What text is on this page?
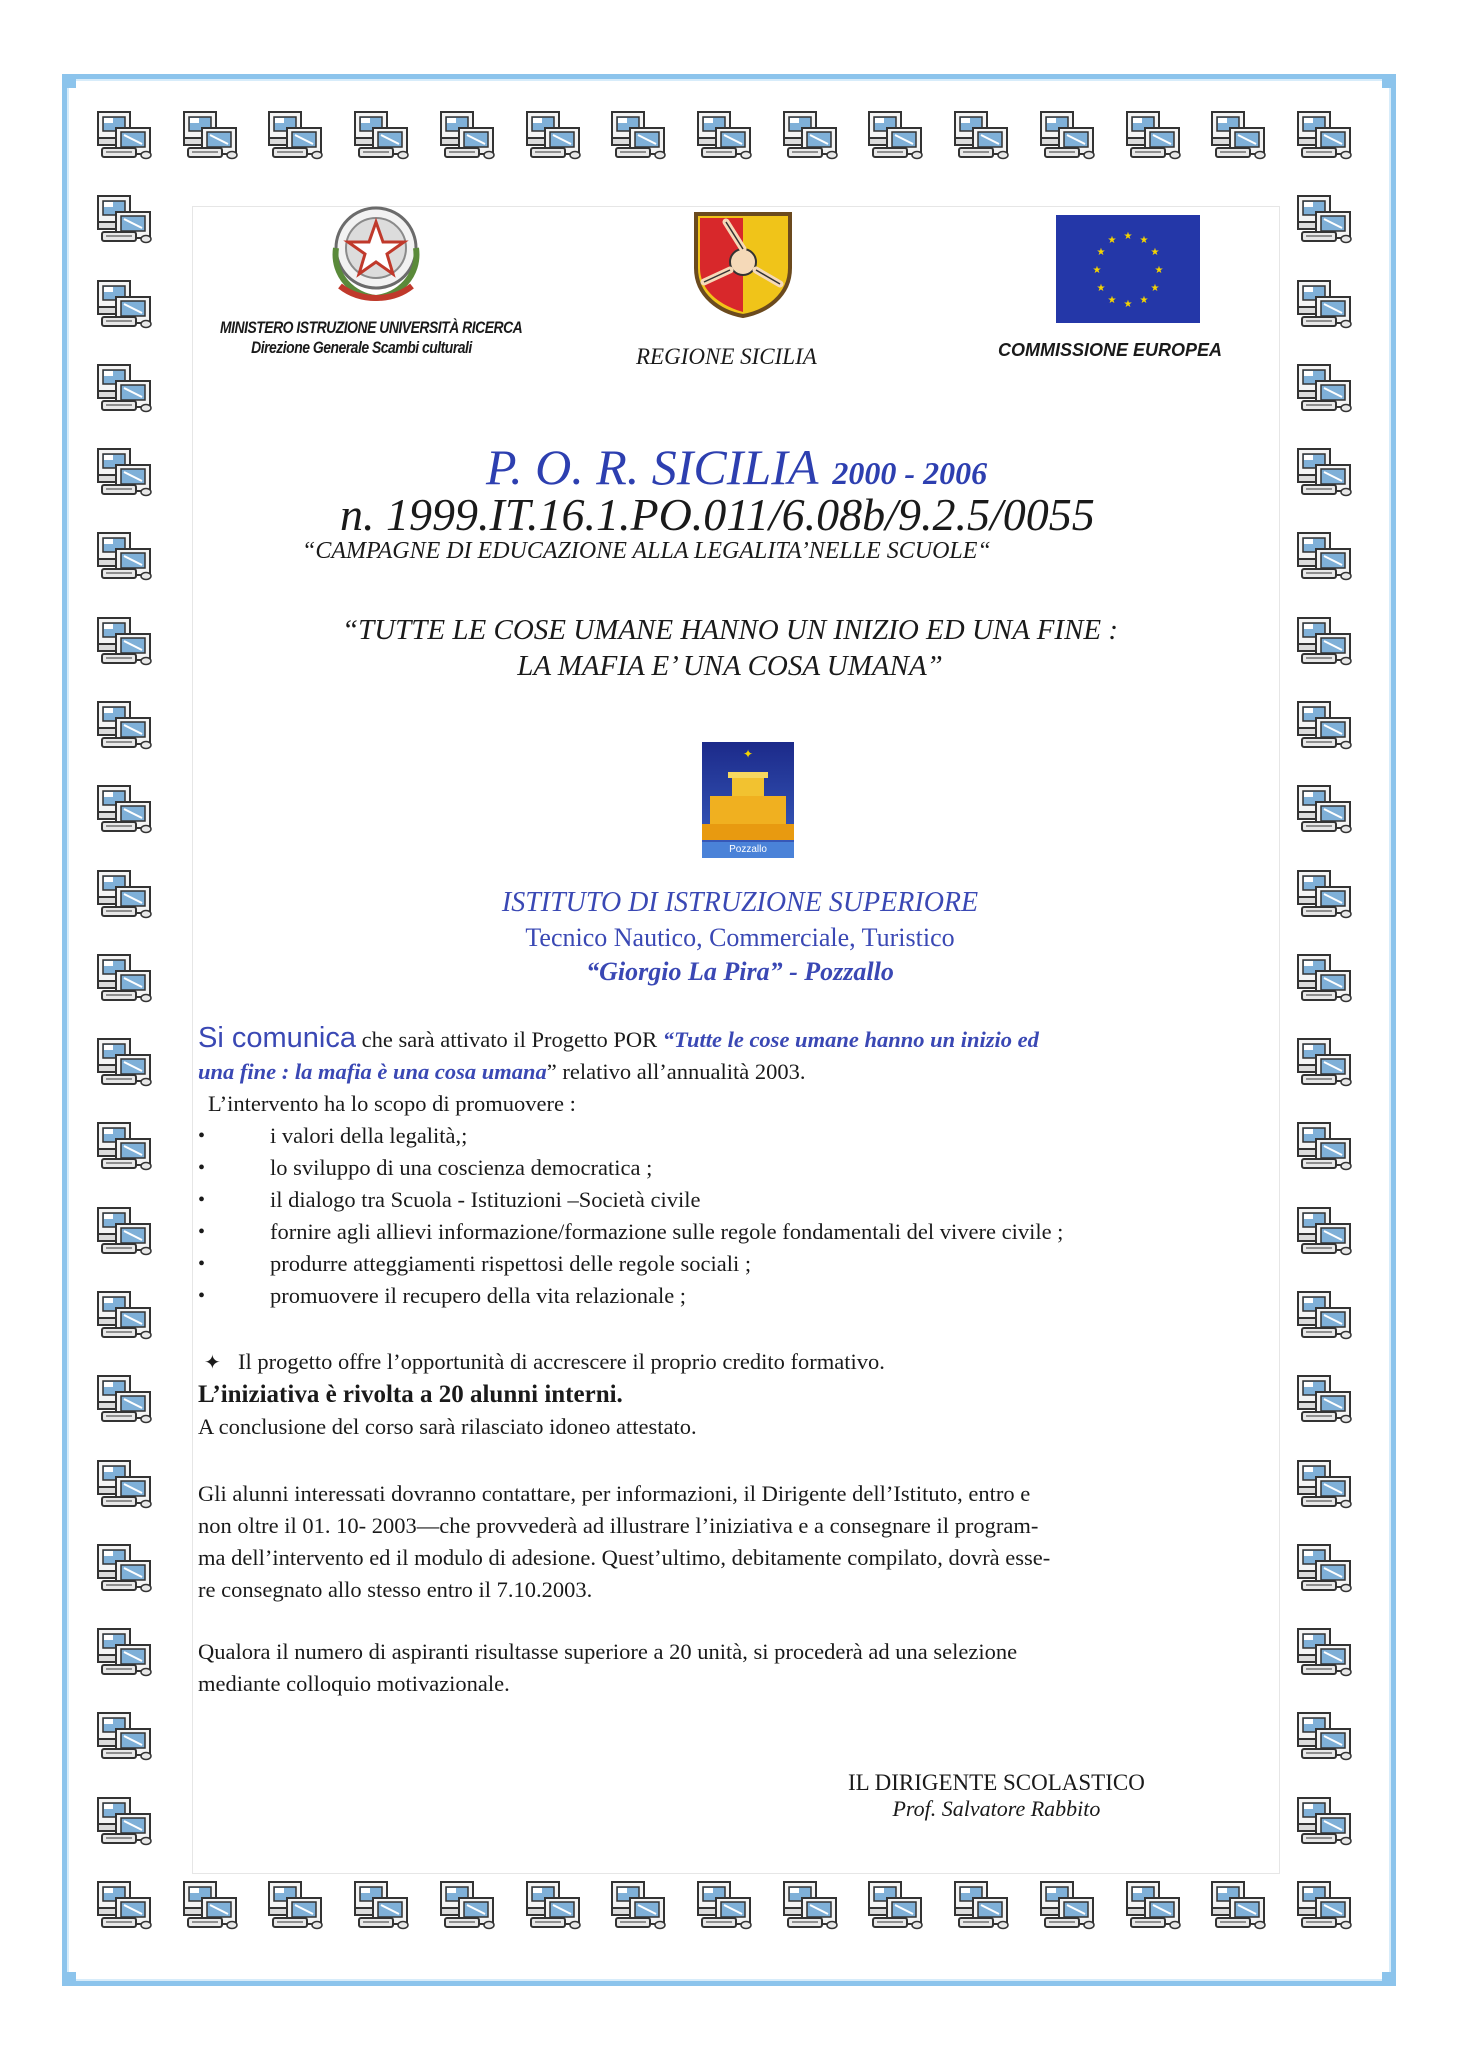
MINISTERO ISTRUZIONE UNIVERSITÀ RICERCA
Direzione Generale Scambi culturali	REGIONE SICILIA
★ ★
★
★
★
★
★
★
★
★
★
★
COMMISSIONE EUROPEA
P. O. R. SICILIA 2000 - 2006
n. 1999.IT.16.1.PO.011/6.08b/9.2.5/0055
“CAMPAGNE DI EDUCAZIONE ALLA LEGALITA’NELLE SCUOLE“
“TUTTE LE COSE UMANE HANNO UN INIZIO ED UNA FINE :
LA MAFIA E’ UNA COSA UMANA”
✦
Pozzallo
ISTITUTO DI ISTRUZIONE SUPERIORE
Tecnico Nautico, Commerciale, Turistico
“Giorgio La Pira” - Pozzallo
Si comunica che sarà attivato il Progetto POR “Tutte le cose umane hanno un inizio ed
una fine : la mafia è una cosa umana” relativo all’annualità 2003.
L’intervento ha lo scopo di promuovere :
• i valori della legalità,;
• lo sviluppo di una coscienza democratica ;
• il dialogo tra Scuola - Istituzioni –Società civile
• fornire agli allievi informazione/formazione sulle regole fondamentali del vivere civile ;
• produrre atteggiamenti rispettosi delle regole sociali ;
• promuovere il recupero della vita relazionale ;
✦ Il progetto offre l’opportunità di accrescere il proprio credito formativo.
L’iniziativa è rivolta a 20 alunni interni.
A conclusione del corso sarà rilasciato idoneo attestato.
Gli alunni interessati dovranno contattare, per informazioni, il Dirigente dell’Istituto, entro e
non oltre il 01. 10- 2003—che provvederà ad illustrare l’iniziativa e a consegnare il program-
ma dell’intervento ed il modulo di adesione. Quest’ultimo, debitamente compilato, dovrà esse-
re consegnato allo stesso entro il 7.10.2003.
Qualora il numero di aspiranti risultasse superiore a 20 unità, si procederà ad una selezione
mediante colloquio motivazionale.
IL DIRIGENTE SCOLASTICO
Prof. Salvatore Rabbito
